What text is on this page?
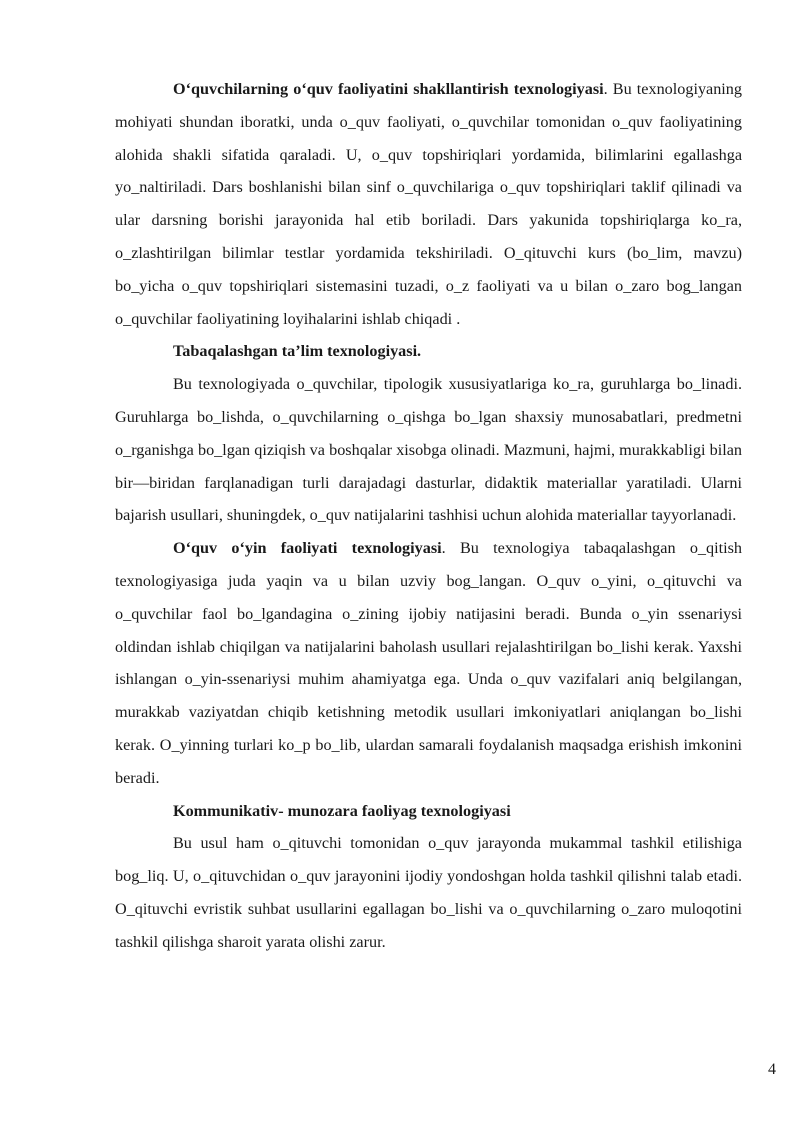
O‘quvchilarning o‘quv faoliyatini shakllantirish texnologiyasi. Bu texnologiyaning mohiyati shundan iboratki, unda o_quv faoliyati, o_quvchilar tomonidan o_quv faoliyatining alohida shakli sifatida qaraladi. U, o_quv topshiriqlari yordamida, bilimlarini egallashga yo_naltiriladi. Dars boshlanishi bilan sinf o_quvchilariga o_quv topshiriqlari taklif qilinadi va ular darsning borishi jarayonida hal etib boriladi. Dars yakunida topshiriqlarga ko_ra, o_zlashtirilgan bilimlar testlar yordamida tekshiriladi. O_qituvchi kurs (bo_lim, mavzu) bo_yicha o_quv topshiriqlari sistemasini tuzadi, o_z faoliyati va u bilan o_zaro bog_langan o_quvchilar faoliyatining loyihalarini ishlab chiqadi .

Tabaqalashgan ta’lim texnologiyasi.

Bu texnologiyada o_quvchilar, tipologik xususiyatlariga ko_ra, guruhlarga bo_linadi. Guruhlarga bo_lishda, o_quvchilarning o_qishga bo_lgan shaxsiy munosabatlari, predmetni o_rganishga bo_lgan qiziqish va boshqalar xisobga olinadi. Mazmuni, hajmi, murakkabligi bilan bir—biridan farqlanadigan turli darajadagi dasturlar, didaktik materiallar yaratiladi. Ularni bajarish usullari, shuningdek, o_quv natijalarini tashhisi uchun alohida materiallar tayyorlanadi.

O‘quv o‘yin faoliyati texnologiyasi. Bu texnologiya tabaqalashgan o_qitish texnologiyasiga juda yaqin va u bilan uzviy bog_langan. O_quv o_yini, o_qituvchi va o_quvchilar faol bo_lgandagina o_zining ijobiy natijasini beradi. Bunda o_yin ssenariysi oldindan ishlab chiqilgan va natijalarini baholash usullari rejalashtirilgan bo_lishi kerak. Yaxshi ishlangan o_yin-ssenariysi muhim ahamiyatga ega. Unda o_quv vazifalari aniq belgilangan, murakkab vaziyatdan chiqib ketishning metodik usullari imkoniyatlari aniqlangan bo_lishi kerak. O_yinning turlari ko_p bo_lib, ulardan samarali foydalanish maqsadga erishish imkonini beradi.

Kommunikativ- munozara faoliyag texnologiyasi

Bu usul ham o_qituvchi tomonidan o_quv jarayonda mukammal tashkil etilishiga bog_liq. U, o_qituvchidan o_quv jarayonini ijodiy yondoshgan holda tashkil qilishni talab etadi. O_qituvchi evristik suhbat usullarini egallagan bo_lishi va o_quvchilarning o_zaro muloqotini tashkil qilishga sharoit yarata olishi zarur.

4
